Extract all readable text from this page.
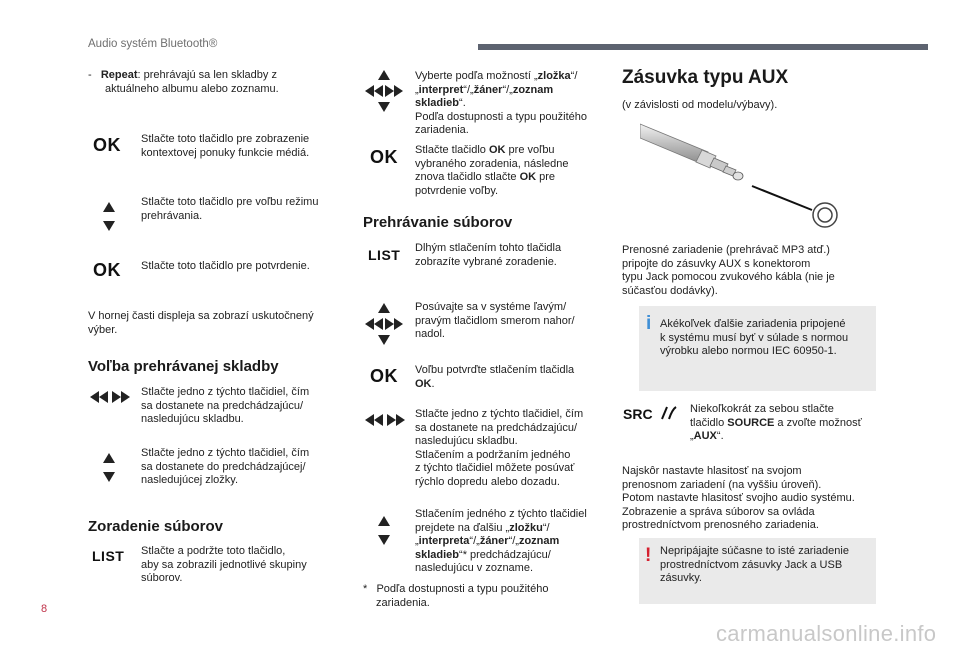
Audio systém Bluetooth®
- Repeat: prehrávajú sa len skladby z
aktuálneho albumu alebo zoznamu.
OK Stlačte toto tlačidlo pre zobrazenie
kontextovej ponuky funkcie médiá.
Stlačte toto tlačidlo pre voľbu režimu
prehrávania.
OK Stlačte toto tlačidlo pre potvrdenie.
V hornej časti displeja sa zobrazí uskutočnený
výber.
Voľba prehrávanej skladby
Stlačte jedno z týchto tlačidiel, čím
sa dostanete na predchádzajúcu/
nasledujúcu skladbu.
Stlačte jedno z týchto tlačidiel, čím
sa dostanete do predchádzajúcej/
nasledujúcej zložky.
Zoradenie súborov
LIST Stlačte a podržte toto tlačidlo,
aby sa zobrazili jednotlivé skupiny
súborov.
Vyberte podľa možností „zložka“/
„interpret“/„žáner“/„zoznam
skladieb“.
Podľa dostupnosti a typu použitého
zariadenia.
OK Stlačte tlačidlo OK pre voľbu
vybraného zoradenia, následne
znova tlačidlo stlačte OK pre
potvrdenie voľby.
Prehrávanie súborov
LIST Dlhým stlačením tohto tlačidla
zobrazíte vybrané zoradenie.
Posúvajte sa v systéme ľavým/
pravým tlačidlom smerom nahor/
nadol.
OK Voľbu potvrďte stlačením tlačidla
OK.
Stlačte jedno z týchto tlačidiel, čím
sa dostanete na predchádzajúcu/
nasledujúcu skladbu.
Stlačením a podržaním jedného
z týchto tlačidiel môžete posúvať
rýchlo dopredu alebo dozadu.
Stlačením jedného z týchto tlačidiel
prejdete na ďalšiu „zložku“/
„interpreta“/„žáner“/„zoznam
skladieb“* predchádzajúcu/
nasledujúcu v zozname.
* Podľa dostupnosti a typu použitého
zariadenia.
Zásuvka typu AUX
(v závislosti od modelu/výbavy).
Prenosné zariadenie (prehrávač MP3 atď.)
pripojte do zásuvky AUX s konektorom
typu Jack pomocou zvukového kábla (nie je
súčasťou dodávky).
i Akékoľvek ďalšie zariadenia pripojené
k systému musí byť v súlade s normou
výrobku alebo normou IEC 60950-1.
SRC	Niekoľkokrát za sebou stlačte
tlačidlo SOURCE a zvoľte možnosť
„AUX“.
Najskôr nastavte hlasitosť na svojom
prenosnom zariadení (na vyššiu úroveň).
Potom nastavte hlasitosť svojho audio systému.
Zobrazenie a správa súborov sa ovláda
prostredníctvom prenosného zariadenia.
! Nepripájajte súčasne to isté zariadenie
prostredníctvom zásuvky Jack a USB
zásuvky.
8
carmanualsonline.info
